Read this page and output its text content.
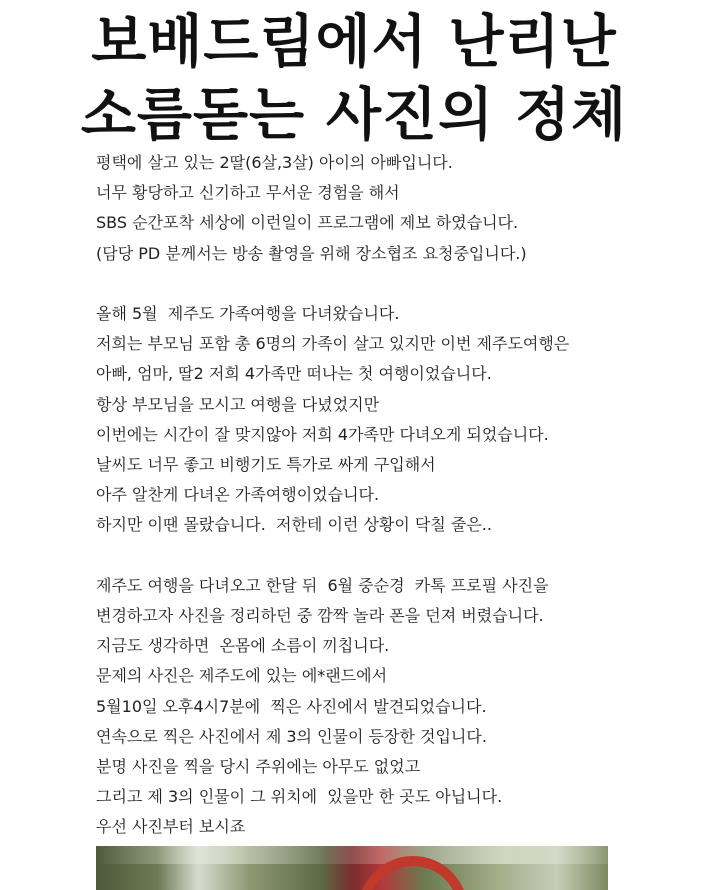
보배드림에서 난리난
소름돋는 사진의 정체
평택에 살고 있는 2딸(6살,3살) 아이의 아빠입니다.
너무 황당하고 신기하고 무서운 경험을 해서
SBS 순간포착 세상에 이런일이 프로그램에 제보 하였습니다.
(담당 PD 분께서는 방송 촬영을 위해 장소협조 요청중입니다.)
올해 5월  제주도 가족여행을 다녀왔습니다.
저희는 부모님 포함 총 6명의 가족이 살고 있지만 이번 제주도여행은
아빠, 엄마, 딸2 저희 4가족만 떠나는 첫 여행이었습니다.
항상 부모님을 모시고 여행을 다녔었지만
이번에는 시간이 잘 맞지않아 저희 4가족만 다녀오게 되었습니다.
날씨도 너무 좋고 비행기도 특가로 싸게 구입해서
아주 알찬게 다녀온 가족여행이었습니다.
하지만 이땐 몰랐습니다.  저한테 이런 상황이 닥칠 줄은..
제주도 여행을 다녀오고 한달 뒤  6월 중순경  카톡 프로필 사진을
변경하고자 사진을 정리하던 중 깜짝 놀라 폰을 던져 버렸습니다.
지금도 생각하면  온몸에 소름이 끼칩니다.
문제의 사진은 제주도에 있는 에*랜드에서
5월10일 오후4시7분에  찍은 사진에서 발견되었습니다.
연속으로 찍은 사진에서 제 3의 인물이 등장한 것입니다.
분명 사진을 찍을 당시 주위에는 아무도 없었고
그리고 제 3의 인물이 그 위치에  있을만 한 곳도 아닙니다.
우선 사진부터 보시죠
